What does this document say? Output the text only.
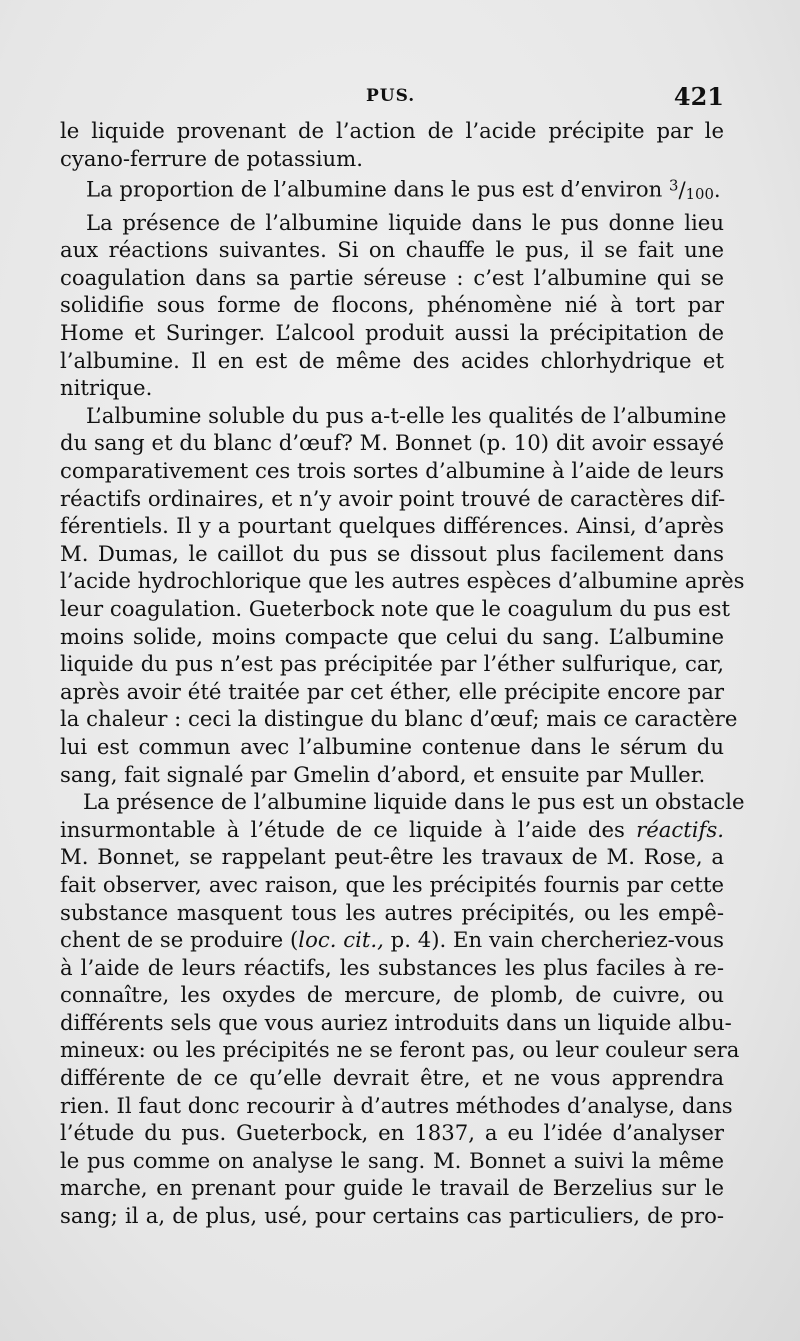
PUS.	421
le liquide provenant de l’action de l’acide précipite par le
cyano-ferrure de potassium.
La proportion de l’albumine dans le pus est d’environ $^3$/100.
La présence de l’albumine liquide dans le pus donne lieu
aux réactions suivantes. Si on chauffe le pus, il se fait une
coagulation dans sa partie séreuse : c’est l’albumine qui se
solidifie sous forme de flocons, phénomène nié à tort par
Home et Suringer. L’alcool produit aussi la précipitation de
l’albumine. Il en est de même des acides chlorhydrique et
nitrique.
L’albumine soluble du pus a-t-elle les qualités de l’albumine
du sang et du blanc d’œuf? M. Bonnet (p. 10) dit avoir essayé
comparativement ces trois sortes d’albumine à l’aide de leurs
réactifs ordinaires, et n’y avoir point trouvé de caractères dif-
férentiels. Il y a pourtant quelques différences. Ainsi, d’après
M. Dumas, le caillot du pus se dissout plus facilement dans
l’acide hydrochlorique que les autres espèces d’albumine après
leur coagulation. Gueterbock note que le coagulum du pus est
moins solide, moins compacte que celui du sang. L’albumine
liquide du pus n’est pas précipitée par l’éther sulfurique, car,
après avoir été traitée par cet éther, elle précipite encore par
la chaleur : ceci la distingue du blanc d’œuf; mais ce caractère
lui est commun avec l’albumine contenue dans le sérum du
sang, fait signalé par Gmelin d’abord, et ensuite par Muller.
La présence de l’albumine liquide dans le pus est un obstacle
insurmontable à l’étude de ce liquide à l’aide des réactifs.
M. Bonnet, se rappelant peut-être les travaux de M. Rose, a
fait observer, avec raison, que les précipités fournis par cette
substance masquent tous les autres précipités, ou les empê-
chent de se produire (loc. cit., p. 4). En vain chercheriez-vous
à l’aide de leurs réactifs, les substances les plus faciles à re-
connaître, les oxydes de mercure, de plomb, de cuivre, ou
différents sels que vous auriez introduits dans un liquide albu-
mineux: ou les précipités ne se feront pas, ou leur couleur sera
différente de ce qu’elle devrait être, et ne vous apprendra
rien. Il faut donc recourir à d’autres méthodes d’analyse, dans
l’étude du pus. Gueterbock, en 1837, a eu l’idée d’analyser
le pus comme on analyse le sang. M. Bonnet a suivi la même
marche, en prenant pour guide le travail de Berzelius sur le
sang; il a, de plus, usé, pour certains cas particuliers, de pro-
